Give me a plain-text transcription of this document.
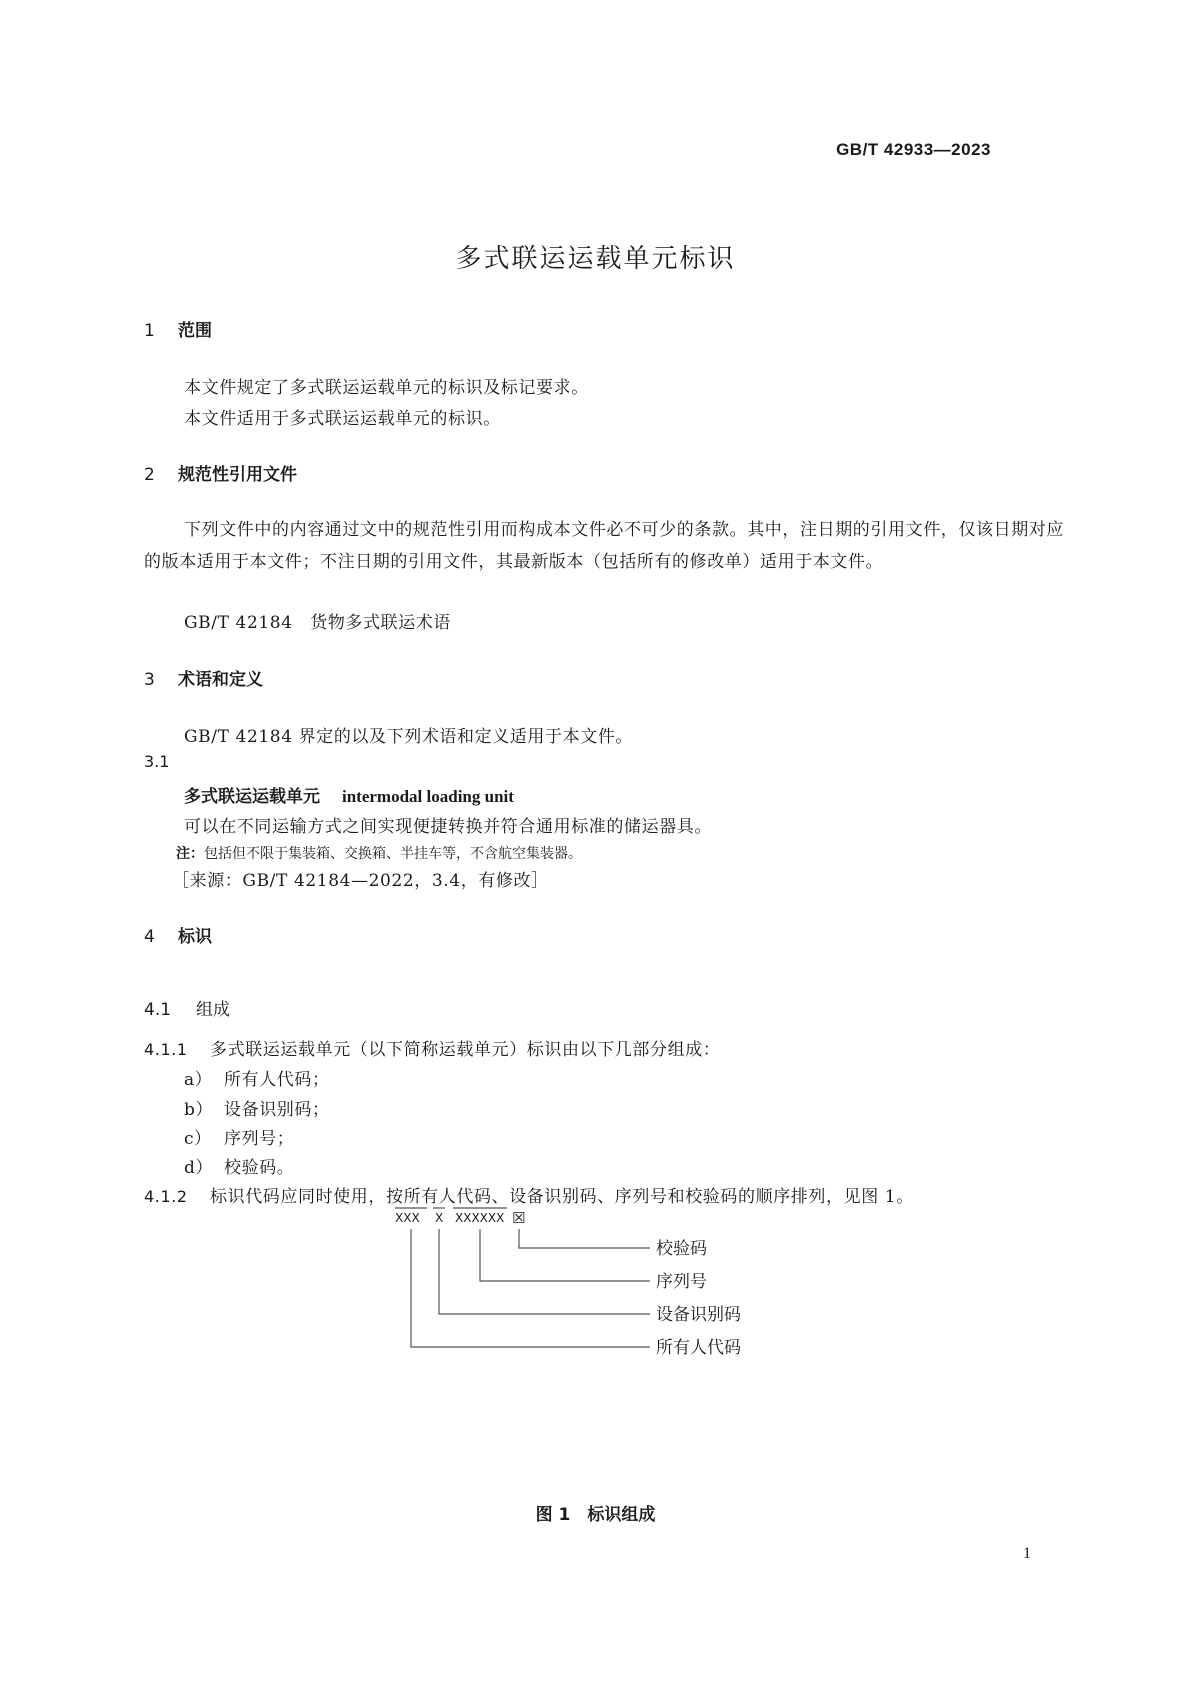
GB/T 42933—2023
多式联运运载单元标识
1 范围
本文件规定了多式联运运载单元的标识及标记要求。
本文件适用于多式联运运载单元的标识。
2 规范性引用文件
下列文件中的内容通过文中的规范性引用而构成本文件必不可少的条款。其中，注日期的引用文件，仅该日期对应的版本适用于本文件；不注日期的引用文件，其最新版本（包括所有的修改单）适用于本文件。
GB/T 42184　货物多式联运术语
3 术语和定义
GB/T 42184 界定的以及下列术语和定义适用于本文件。
3.1
多式联运运载单元 intermodal loading unit
可以在不同运输方式之间实现便捷转换并符合通用标准的储运器具。
注：包括但不限于集装箱、交换箱、半挂车等，不含航空集装器。
［来源：GB/T 42184—2022，3.4，有修改］
4 标识
4.1 组成
4.1.1 多式联运运载单元（以下简称运载单元）标识由以下几部分组成：
a） 所有人代码；
b） 设备识别码；
c） 序列号；
d） 校验码。
4.1.2 标识代码应同时使用，按所有人代码、设备识别码、序列号和校验码的顺序排列，见图 1。
XXX X XXXXXX ☒
校验码
序列号
设备识别码
所有人代码
图 1　标识组成
1
